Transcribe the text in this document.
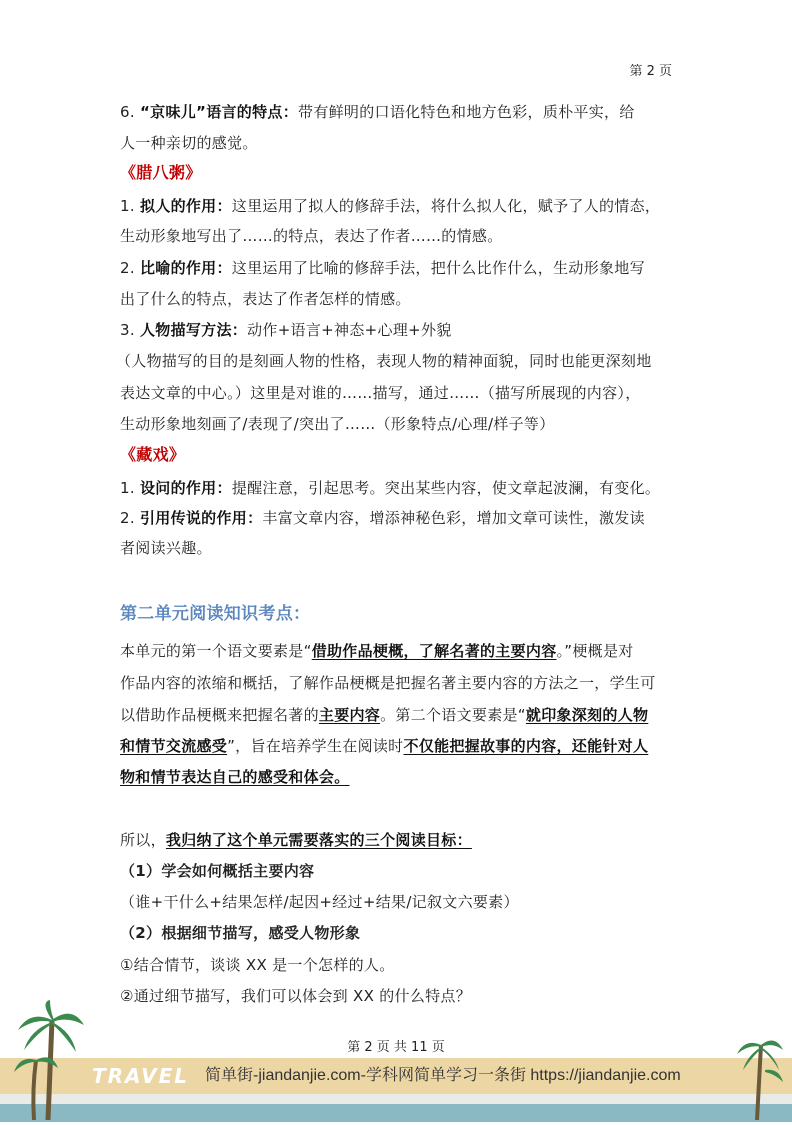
第 2 页
6. “京味儿”语言的特点：带有鲜明的口语化特色和地方色彩，质朴平实，给
人一种亲切的感觉。
《腊八粥》
1. 拟人的作用：这里运用了拟人的修辞手法，将什么拟人化，赋予了人的情态，
生动形象地写出了……的特点，表达了作者……的情感。
2. 比喻的作用：这里运用了比喻的修辞手法，把什么比作什么，生动形象地写
出了什么的特点，表达了作者怎样的情感。
3. 人物描写方法：动作+语言+神态+心理+外貌
（人物描写的目的是刻画人物的性格，表现人物的精神面貌，同时也能更深刻地
表达文章的中心。）这里是对谁的……描写，通过……（描写所展现的内容），
生动形象地刻画了/表现了/突出了……（形象特点/心理/样子等）
《藏戏》
1. 设问的作用：提醒注意，引起思考。突出某些内容，使文章起波澜，有变化。
2. 引用传说的作用：丰富文章内容，增添神秘色彩，增加文章可读性，激发读
者阅读兴趣。
第二单元阅读知识考点：
本单元的第一个语文要素是“借助作品梗概，了解名著的主要内容。”梗概是对
作品内容的浓缩和概括，了解作品梗概是把握名著主要内容的方法之一，学生可
以借助作品梗概来把握名著的主要内容。第二个语文要素是“就印象深刻的人物
和情节交流感受”，旨在培养学生在阅读时不仅能把握故事的内容，还能针对人
物和情节表达自己的感受和体会。
所以，我归纳了这个单元需要落实的三个阅读目标：
（1）学会如何概括主要内容
（谁+干什么+结果怎样/起因+经过+结果/记叙文六要素）
（2）根据细节描写，感受人物形象
①结合情节，谈谈 XX 是一个怎样的人。
②通过细节描写，我们可以体会到 XX 的什么特点？
第 2 页 共 11 页
TRAVEL 简单街-jiandanjie.com-学科网简单学习一条街 https://jiandanjie.com
